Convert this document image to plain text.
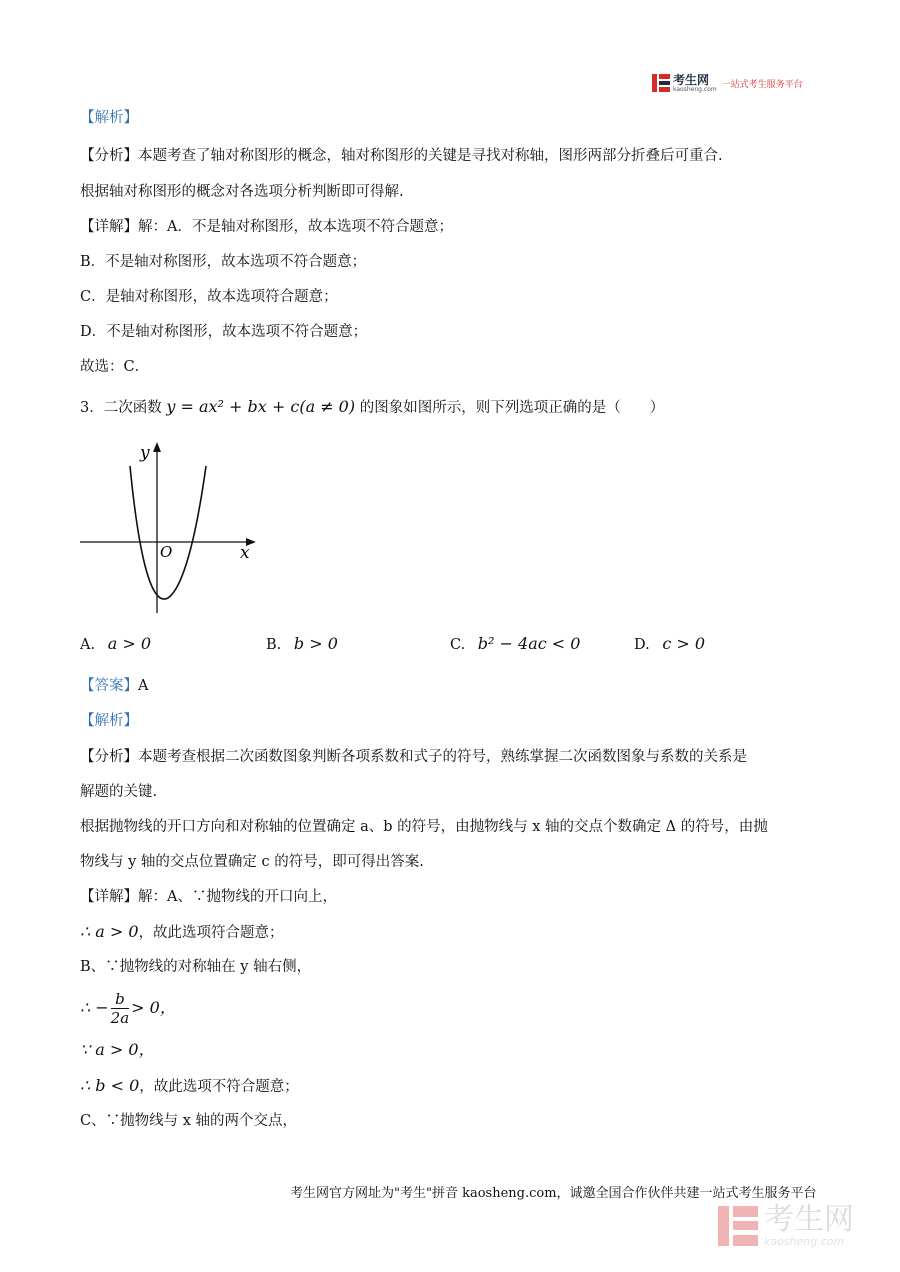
考生网
kaosheng.com 一站式考生服务平台
【解析】
【分析】本题考查了轴对称图形的概念，轴对称图形的关键是寻找对称轴，图形两部分折叠后可重合.
根据轴对称图形的概念对各选项分析判断即可得解.
【详解】解：A．不是轴对称图形，故本选项不符合题意；
B．不是轴对称图形，故本选项不符合题意；
C．是轴对称图形，故本选项符合题意；
D．不是轴对称图形，故本选项不符合题意；
故选：C．
3．二次函数 y = ax² + bx + c(a ≠ 0) 的图象如图所示，则下列选项正确的是（　　）
y
x
O
A. a > 0	B. b > 0	C. b² − 4ac < 0	D. c > 0
【答案】A
【解析】
【分析】本题考查根据二次函数图象判断各项系数和式子的符号，熟练掌握二次函数图象与系数的关系是
解题的关键.
根据抛物线的开口方向和对称轴的位置确定 a、b 的符号，由抛物线与 x 轴的交点个数确定 Δ 的符号，由抛
物线与 y 轴的交点位置确定 c 的符号，即可得出答案.
【详解】解：A、∵抛物线的开口向上，
∴ a > 0，故此选项符合题意；
B、∵抛物线的对称轴在 y 轴右侧，
∴ − $\frac{b}{2a} > 0$，
∵ a > 0，
∴ b < 0，故此选项不符合题意；
C、∵抛物线与 x 轴的两个交点，
考生网官方网址为"考生"拼音 kaosheng.com，诚邀全国合作伙伴共建一站式考生服务平台
考生网
kaosheng.com
